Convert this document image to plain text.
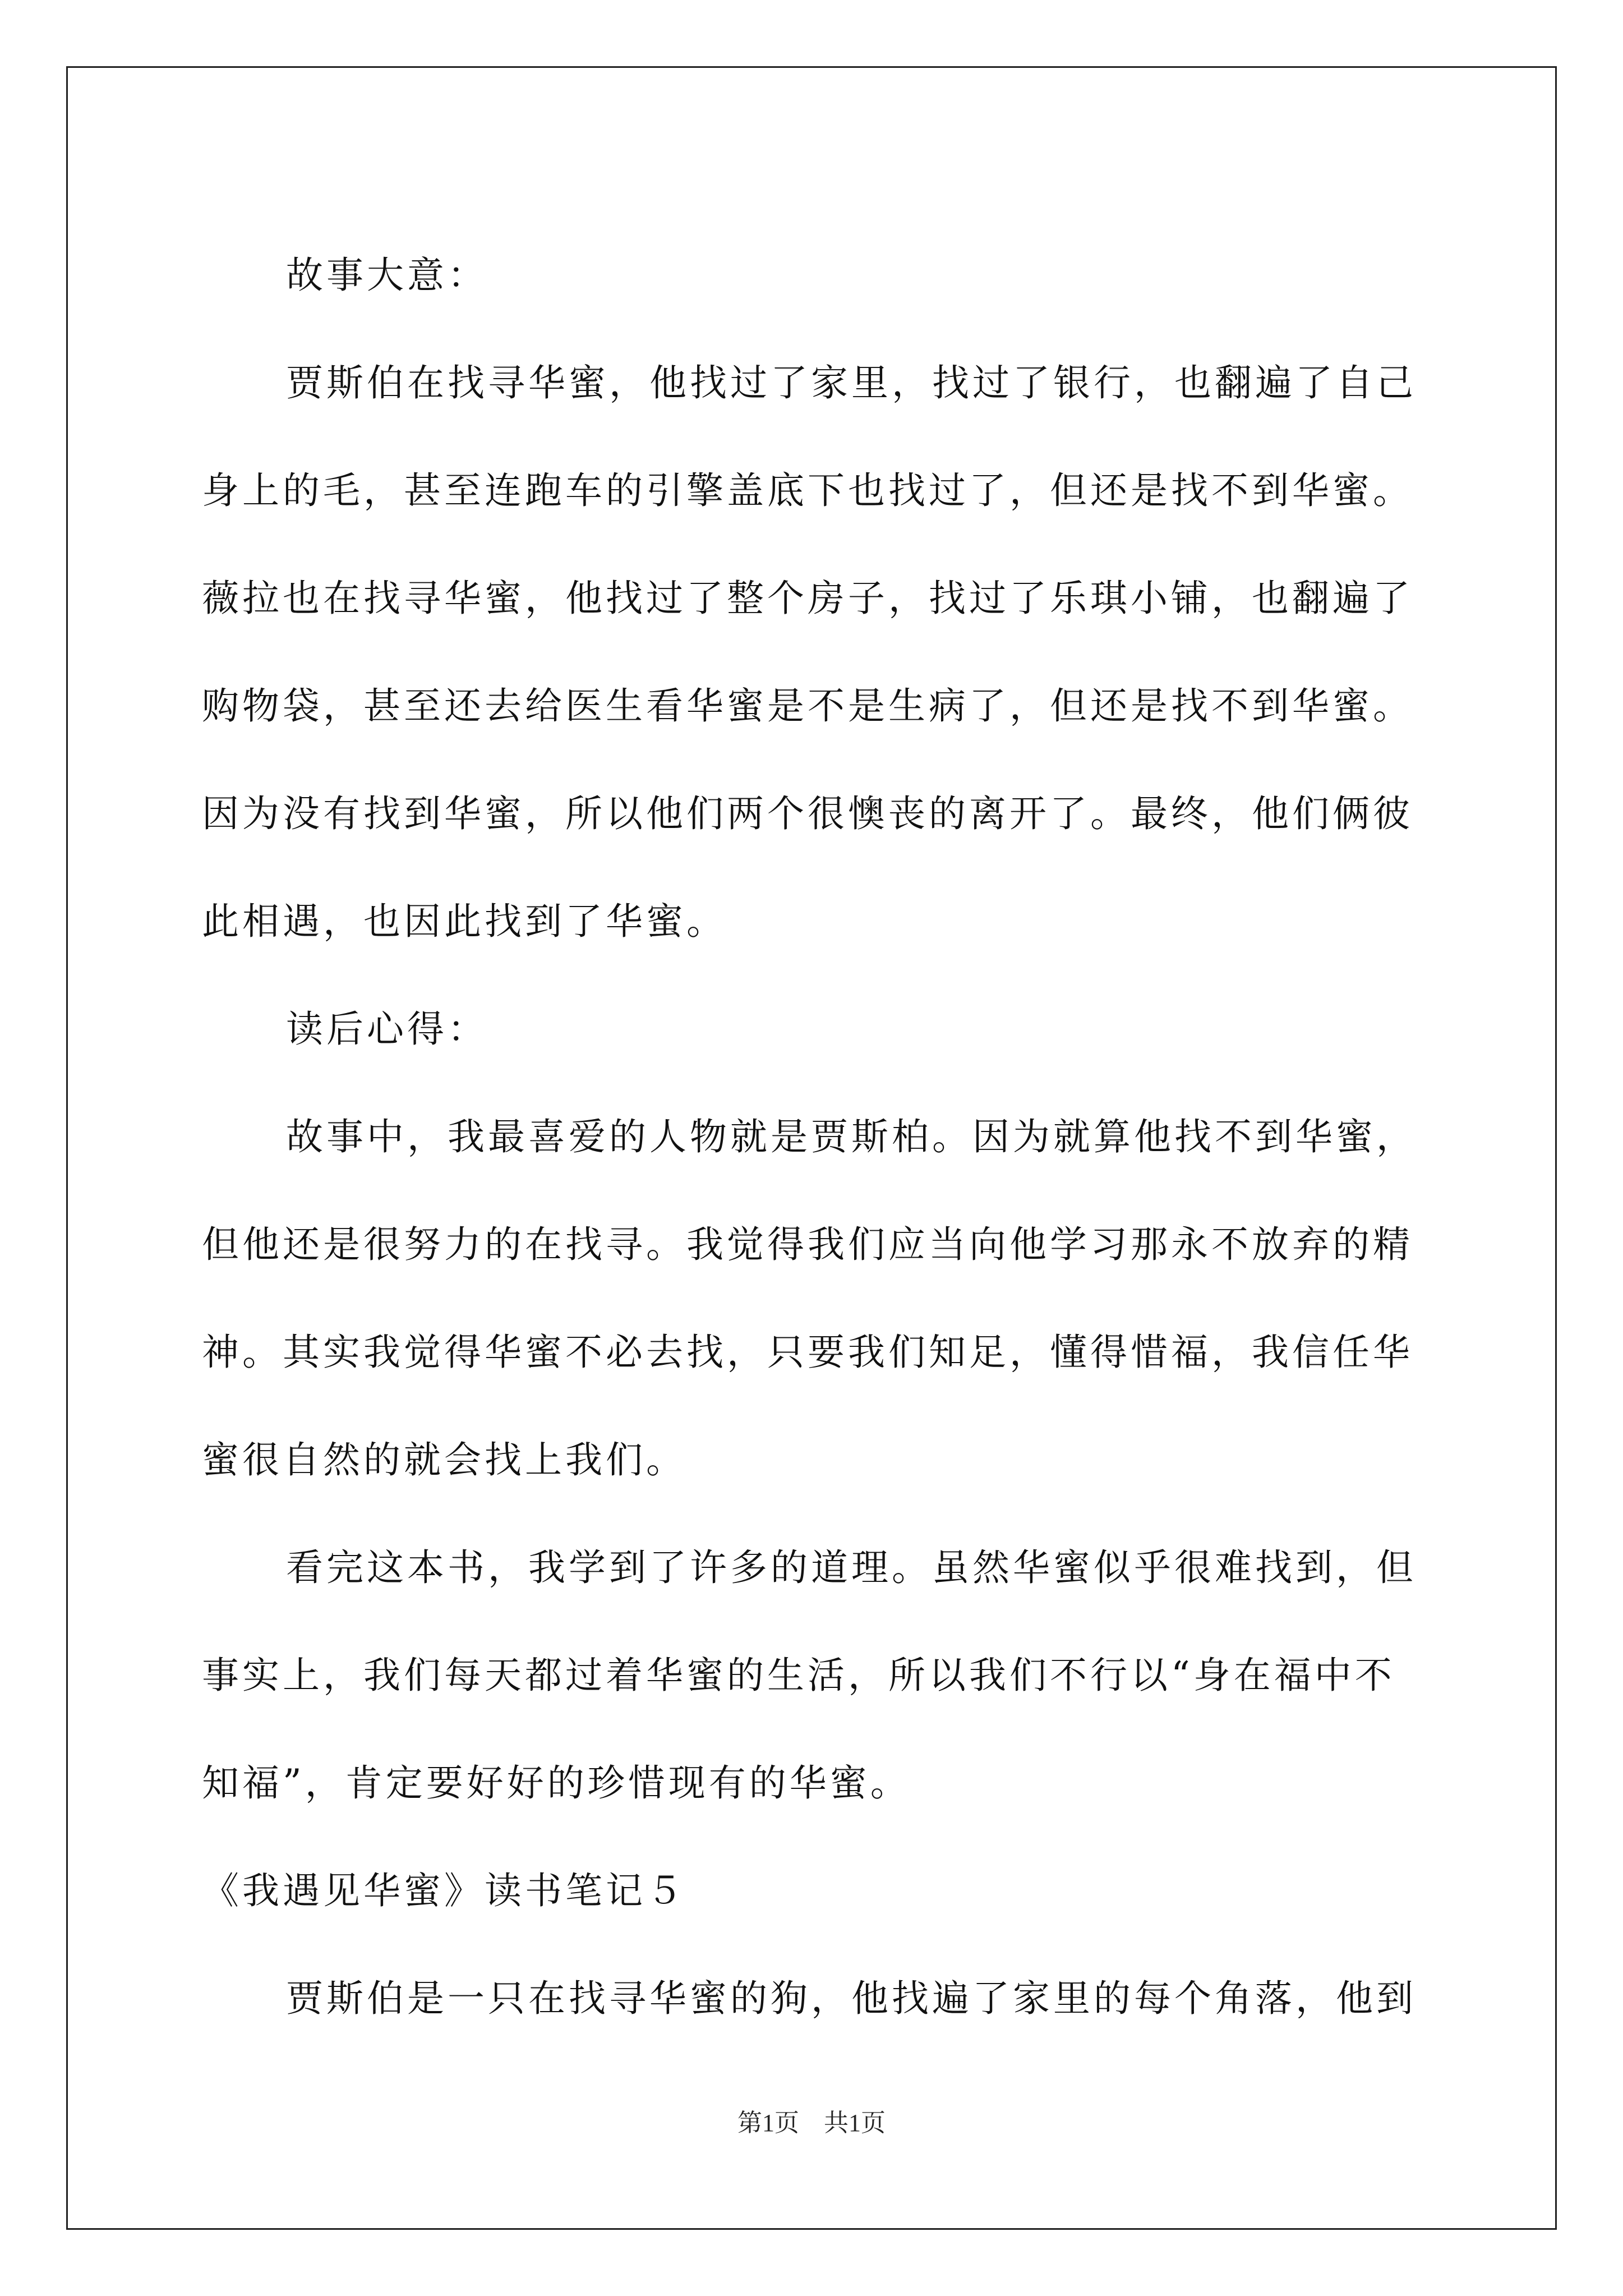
故事大意：
贾斯伯在找寻华蜜，他找过了家里，找过了银行，也翻遍了自己
身上的毛，甚至连跑车的引擎盖底下也找过了，但还是找不到华蜜。
薇拉也在找寻华蜜，他找过了整个房子，找过了乐琪小铺，也翻遍了
购物袋，甚至还去给医生看华蜜是不是生病了，但还是找不到华蜜。
因为没有找到华蜜，所以他们两个很懊丧的离开了。最终，他们俩彼
此相遇，也因此找到了华蜜。
读后心得：
故事中，我最喜爱的人物就是贾斯柏。因为就算他找不到华蜜，
但他还是很努力的在找寻。我觉得我们应当向他学习那永不放弃的精
神。其实我觉得华蜜不必去找，只要我们知足，懂得惜福，我信任华
蜜很自然的就会找上我们。
看完这本书，我学到了许多的道理。虽然华蜜似乎很难找到，但
事实上，我们每天都过着华蜜的生活，所以我们不行以“身在福中不
知福”，肯定要好好的珍惜现有的华蜜。
《我遇见华蜜》读书笔记５
贾斯伯是一只在找寻华蜜的狗，他找遍了家里的每个角落，他到
第1页　共1页
